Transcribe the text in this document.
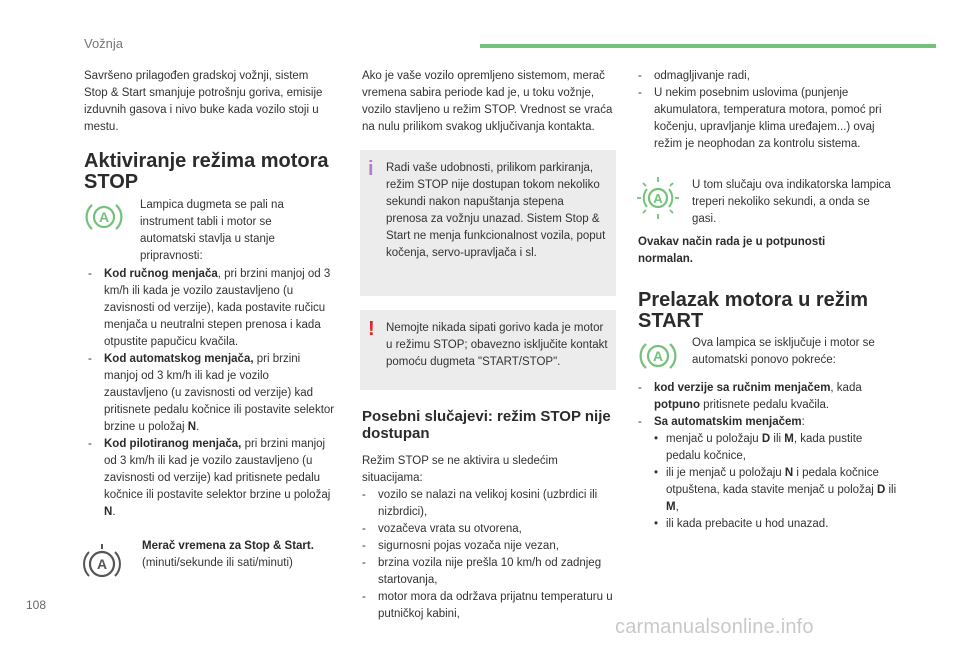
Vožnja

Savršeno prilagođen gradskoj vožnji, sistem Stop & Start smanjuje potrošnju goriva, emisije izduvnih gasova i nivo buke kada vozilo stoji u mestu.

Aktiviranje režima motora STOP
A

Lampica dugmeta se pali na instrument tabli i motor se automatski stavlja u stanje pripravnosti:

- Kod ručnog menjača, pri brzini manjoj od 3 km/h ili kada je vozilo zaustavljeno (u zavisnosti od verzije), kada postavite ručicu menjača u neutralni stepen prenosa i kada otpustite papučicu kvačila.
- Kod automatskog menjača, pri brzini manjoj od 3 km/h ili kad je vozilo zaustavljeno (u zavisnosti od verzije) kad pritisnete pedalu kočnice ili postavite selektor brzine u položaj N.
- Kod pilotiranog menjača, pri brzini manjoj od 3 km/h ili kad je vozilo zaustavljeno (u zavisnosti od verzije) kad pritisnete pedalu kočnice ili postavite selektor brzine u položaj N.
A

Merač vremena za Stop & Start.
(minuti/sekunde ili sati/minuti)

Ako je vaše vozilo opremljeno sistemom, merač vremena sabira periode kad je, u toku vožnje, vozilo stavljeno u režim STOP. Vrednost se vraća na nulu prilikom svakog uključivanja kontakta.

i Radi vaše udobnosti, prilikom parkiranja, režim STOP nije dostupan tokom nekoliko sekundi nakon napuštanja stepena prenosa za vožnju unazad. Sistem Stop & Start ne menja funkcionalnost vozila, poput kočenja, servo-upravljača i sl.
! Nemojte nikada sipati gorivo kada je motor u režimu STOP; obavezno isključite kontakt pomoću dugmeta "START/STOP".
Posebni slučajevi: režim STOP nije dostupan

Režim STOP se ne aktivira u sledećim situacijama:

- vozilo se nalazi na velikoj kosini (uzbrdici ili nizbrdici),
- vozačeva vrata su otvorena,
- sigurnosni pojas vozača nije vezan,
- brzina vozila nije prešla 10 km/h od zadnjeg startovanja,
- motor mora da održava prijatnu temperaturu u putničkoj kabini,
- odmagljivanje radi,
- U nekim posebnim uslovima (punjenje akumulatora, temperatura motora, pomoć pri kočenju, upravljanje klima uređajem...) ovaj režim je neophodan za kontrolu sistema.
A

U tom slučaju ova indikatorska lampica treperi nekoliko sekundi, a onda se gasi.

Ovakav način rada je u potpunosti normalan.

Prelazak motora u režim START
A

Ova lampica se isključuje i motor se automatski ponovo pokreće:

- kod verzije sa ručnim menjačem, kada potpuno pritisnete pedalu kvačila.
- Sa automatskim menjačem:
• menjač u položaju D ili M, kada pustite pedalu kočnice,
• ili je menjač u položaju N i pedala kočnice otpuštena, kada stavite menjač u položaj D ili M,
• ili kada prebacite u hod unazad.
108
carmanualsonline.info
